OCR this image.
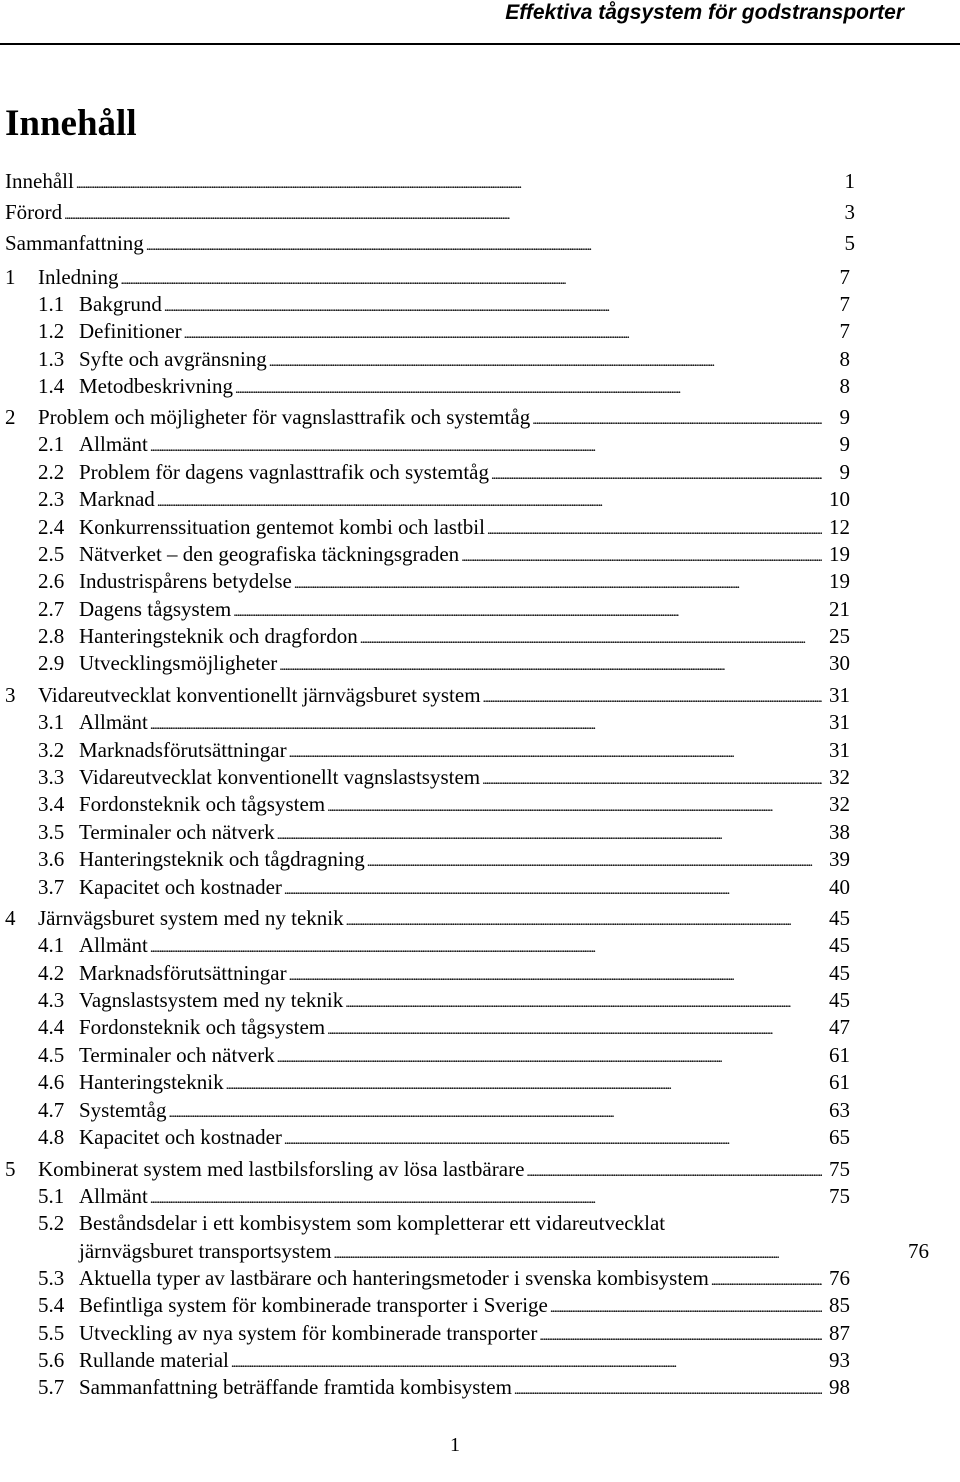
Effektiva tågsystem för godstransporter
Innehåll
Innehåll . . .	1
Förord . . .	3
Sammanfattning . . .	5
1	Inledning . . .	7
1.1 Bakgrund . . .	7
1.2 Definitioner . . .	7
1.3 Syfte och avgränsning . . .	8
1.4 Metodbeskrivning . . .	8
2	Problem och möjligheter för vagnslasttrafik och systemtåg . . .	9
2.1 Allmänt . . .	9
2.2 Problem för dagens vagnlasttrafik och systemtåg . . .	9
2.3 Marknad . . .	10
2.4 Konkurrenssituation gentemot kombi och lastbil . . .	12
2.5 Nätverket – den geografiska täckningsgraden . . .	19
2.6 Industrispårens betydelse . . .	19
2.7 Dagens tågsystem . . .	21
2.8 Hanteringsteknik och dragfordon . . .	25
2.9 Utvecklingsmöjligheter . . .	30
3	Vidareutvecklat konventionellt järnvägsburet system . . .	31
3.1 Allmänt . . .	31
3.2 Marknadsförutsättningar . . .	31
3.3 Vidareutvecklat konventionellt vagnslastsystem . . .	32
3.4 Fordonsteknik och tågsystem . . .	32
3.5 Terminaler och nätverk . . .	38
3.6 Hanteringsteknik och tågdragning . . .	39
3.7 Kapacitet och kostnader . . .	40
4	Järnvägsburet system med ny teknik . . .	45
4.1 Allmänt . . .	45
4.2 Marknadsförutsättningar . . .	45
4.3 Vagnslastsystem med ny teknik . . .	45
4.4 Fordonsteknik och tågsystem . . .	47
4.5 Terminaler och nätverk . . .	61
4.6 Hanteringsteknik . . .	61
4.7 Systemtåg . . .	63
4.8 Kapacitet och kostnader . . .	65
5	Kombinerat system med lastbilsforsling av lösa lastbärare . . .	75
5.1 Allmänt . . .	75
5.2 Beståndsdelar i ett kombisystem som kompletterar ett vidareutvecklat
järnvägsburet transportsystem . . .	76
5.3 Aktuella typer av lastbärare och hanteringsmetoder i svenska kombisystem . . .	76
5.4 Befintliga system för kombinerade transporter i Sverige . . .	85
5.5 Utveckling av nya system för kombinerade transporter . . .	87
5.6 Rullande material . . .	93
5.7 Sammanfattning beträffande framtida kombisystem . . .	98
1
